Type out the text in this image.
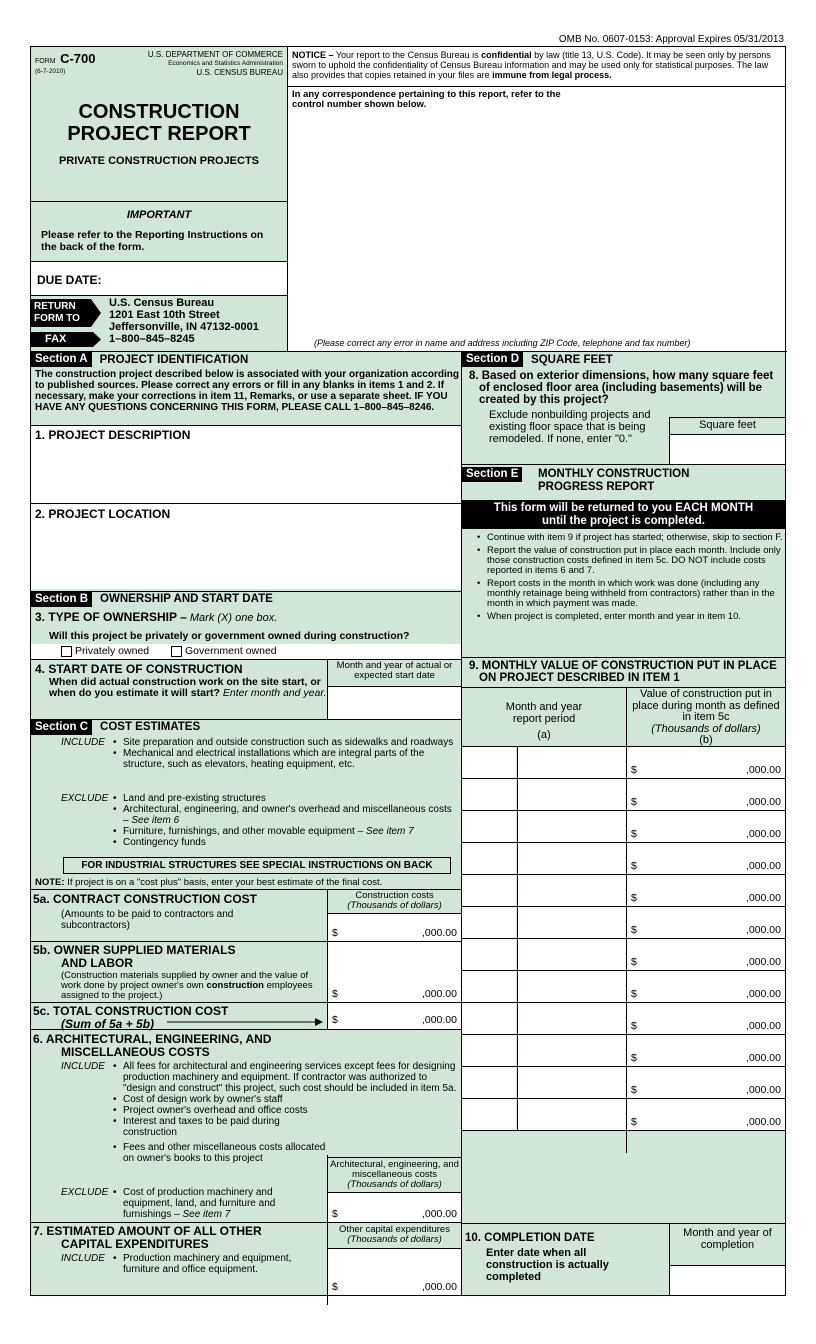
OMB No. 0607-0153: Approval Expires 05/31/2013
FORM C-700
(6-7-2010)
U.S. DEPARTMENT OF COMMERCE
Economics and Statistics Administration
U.S. CENSUS BUREAU
CONSTRUCTION
PROJECT REPORT
PRIVATE CONSTRUCTION PROJECTS
IMPORTANT
Please refer to the Reporting Instructions on the back of the form.
DUE DATE:
RETURN FORM TO
U.S. Census Bureau
1201 East 10th Street
Jeffersonville, IN 47132-0001
FAX	1–800–845–8245
NOTICE – Your report to the Census Bureau is confidential by law (title 13, U.S. Code). It may be seen only by persons sworn to uphold the confidentiality of Census Bureau information and may be used only for statistical purposes. The law also provides that copies retained in your files are immune from legal process.
In any correspondence pertaining to this report, refer to the control number shown below.
(Please correct any error in name and address including ZIP Code, telephone and fax number)
Section A	PROJECT IDENTIFICATION
The construction project described below is associated with your organization according to published sources. Please correct any errors or fill in any blanks in items 1 and 2. If necessary, make your corrections in item 11, Remarks, or use a separate sheet. IF YOU HAVE ANY QUESTIONS CONCERNING THIS FORM, PLEASE CALL 1–800–845–8246.
1. PROJECT DESCRIPTION
2. PROJECT LOCATION
Section B	OWNERSHIP AND START DATE
3. TYPE OF OWNERSHIP – Mark (X) one box.
Will this project be privately or government owned during construction?
Privately owned	Government owned
4. START DATE OF CONSTRUCTION
When did actual construction work on the site start, or when do you estimate it will start? Enter month and year.
Month and year of actual or expected start date
Section C	COST ESTIMATES
INCLUDE	• Site preparation and outside construction such as sidewalks and roadways
• Mechanical and electrical installations which are integral parts of the structure, such as elevators, heating equipment, etc.
EXCLUDE	• Land and pre-existing structures
• Architectural, engineering, and owner's overhead and miscellaneous costs – See item 6
• Furniture, furnishings, and other movable equipment – See item 7
• Contingency funds
FOR INDUSTRIAL STRUCTURES SEE SPECIAL INSTRUCTIONS ON BACK
NOTE: If project is on a "cost plus" basis, enter your best estimate of the final cost.
5a. CONTRACT CONSTRUCTION COST
(Amounts to be paid to contractors and subcontractors)
Construction costs
(Thousands of dollars)
$	,000.00
5b. OWNER SUPPLIED MATERIALS
AND LABOR
(Construction materials supplied by owner and the value of work done by project owner's own construction employees assigned to the project.)	$	,000.00
5c. TOTAL CONSTRUCTION COST
(Sum of 5a + 5b)	$	,000.00
6. ARCHITECTURAL, ENGINEERING, AND
MISCELLANEOUS COSTS
INCLUDE	• All fees for architectural and engineering services except fees for designing production machinery and equipment. If contractor was authorized to "design and construct" this project, such cost should be included in item 5a.
• Cost of design work by owner's staff
• Project owner's overhead and office costs
• Interest and taxes to be paid during construction
• Fees and other miscellaneous costs allocated on owner's books to this project
EXCLUDE	• Cost of production machinery and equipment, land, and furniture and furnishings – See item 7
Architectural, engineering, and miscellaneous costs
(Thousands of dollars)
$	,000.00
7. ESTIMATED AMOUNT OF ALL OTHER
CAPITAL EXPENDITURES
INCLUDE	• Production machinery and equipment, furniture and office equipment.
Other capital expenditures
(Thousands of dollars)
$	,000.00
Section D	SQUARE FEET
8. Based on exterior dimensions, how many square feet of enclosed floor area (including basements) will be created by this project?
Exclude nonbuilding projects and existing floor space that is being remodeled. If none, enter "0."
Square feet
Section E	MONTHLY CONSTRUCTION
PROGRESS REPORT
This form will be returned to you EACH MONTH until the project is completed.
• Continue with item 9 if project has started; otherwise, skip to section F.
• Report the value of construction put in place each month. Include only those construction costs defined in item 5c. DO NOT include costs reported in items 6 and 7.
• Report costs in the month in which work was done (including any monthly retainage being withheld from contractors) rather than in the month in which payment was made.
• When project is completed, enter month and year in item 10.
9. MONTHLY VALUE OF CONSTRUCTION PUT IN PLACE ON PROJECT DESCRIBED IN ITEM 1
Month and year report period
(a)
Value of construction put in place during month as defined in item 5c
(Thousands of dollars)
(b)
$	,000.00
$	,000.00
$	,000.00
$	,000.00
$	,000.00
$	,000.00
$	,000.00
$	,000.00
$	,000.00
$	,000.00
$	,000.00
$	,000.00
10. COMPLETION DATE
Enter date when all construction is actually completed
Month and year of completion
